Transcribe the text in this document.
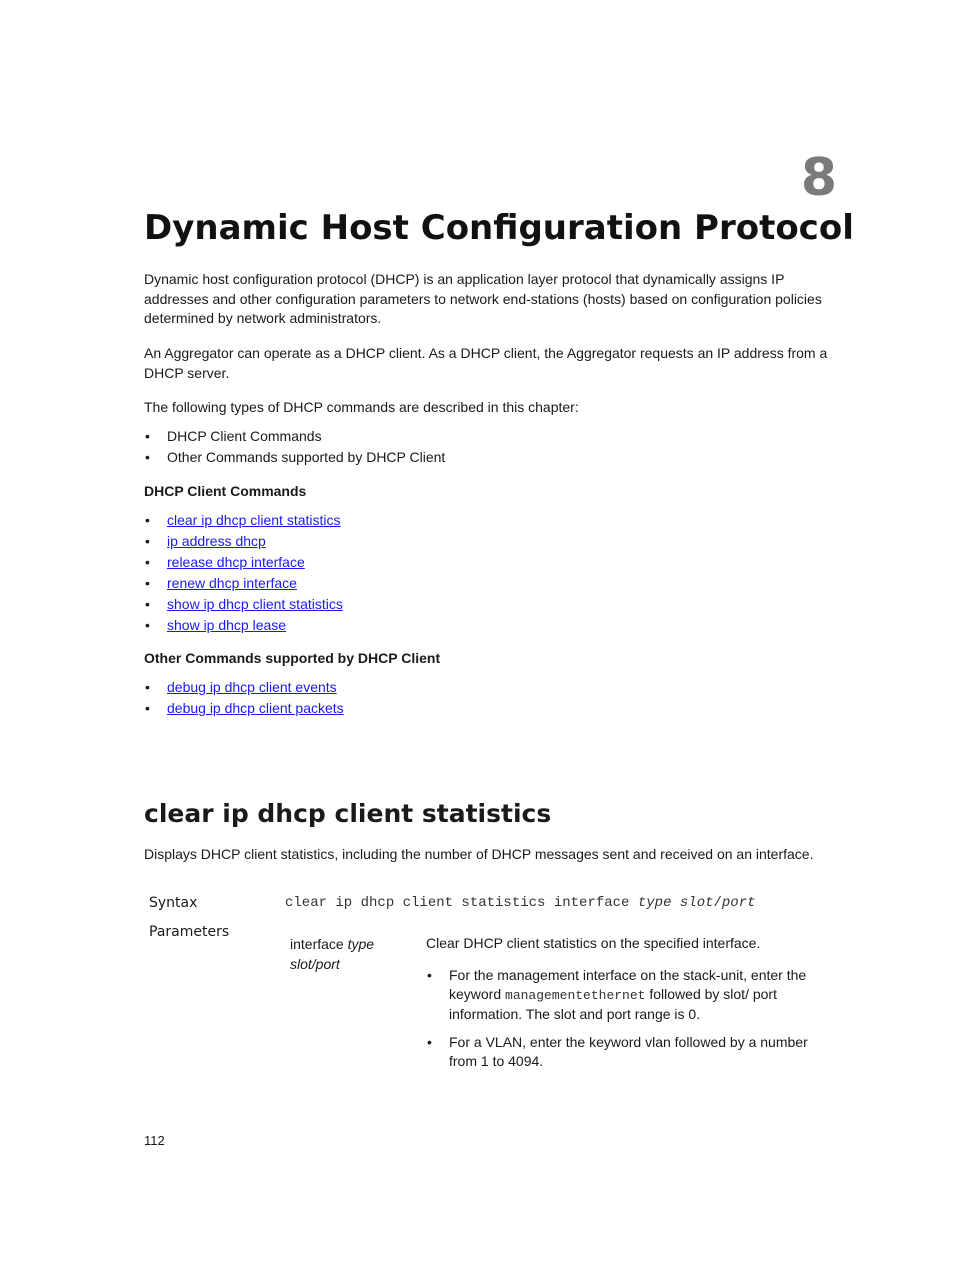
8
Dynamic Host Configuration Protocol

Dynamic host configuration protocol (DHCP) is an application layer protocol that dynamically assigns IP addresses and other configuration parameters to network end-stations (hosts) based on configuration policies determined by network administrators.

An Aggregator can operate as a DHCP client. As a DHCP client, the Aggregator requests an IP address from a DHCP server.

The following types of DHCP commands are described in this chapter:

• DHCP Client Commands
• Other Commands supported by DHCP Client

DHCP Client Commands

• clear ip dhcp client statistics
• ip address dhcp
• release dhcp interface
• renew dhcp interface
• show ip dhcp client statistics
• show ip dhcp lease

Other Commands supported by DHCP Client

• debug ip dhcp client events
• debug ip dhcp client packets
clear ip dhcp client statistics

Displays DHCP client statistics, including the number of DHCP messages sent and received on an interface.

Syntax	clear ip dhcp client statistics interface type slot/port

Parameters

interface type
slot/port

Clear DHCP client statistics on the specified interface.

• For the management interface on the stack-unit, enter the keyword managementethernet followed by slot/ port information. The slot and port range is 0.
• For a VLAN, enter the keyword vlan followed by a number from 1 to 4094.
112
